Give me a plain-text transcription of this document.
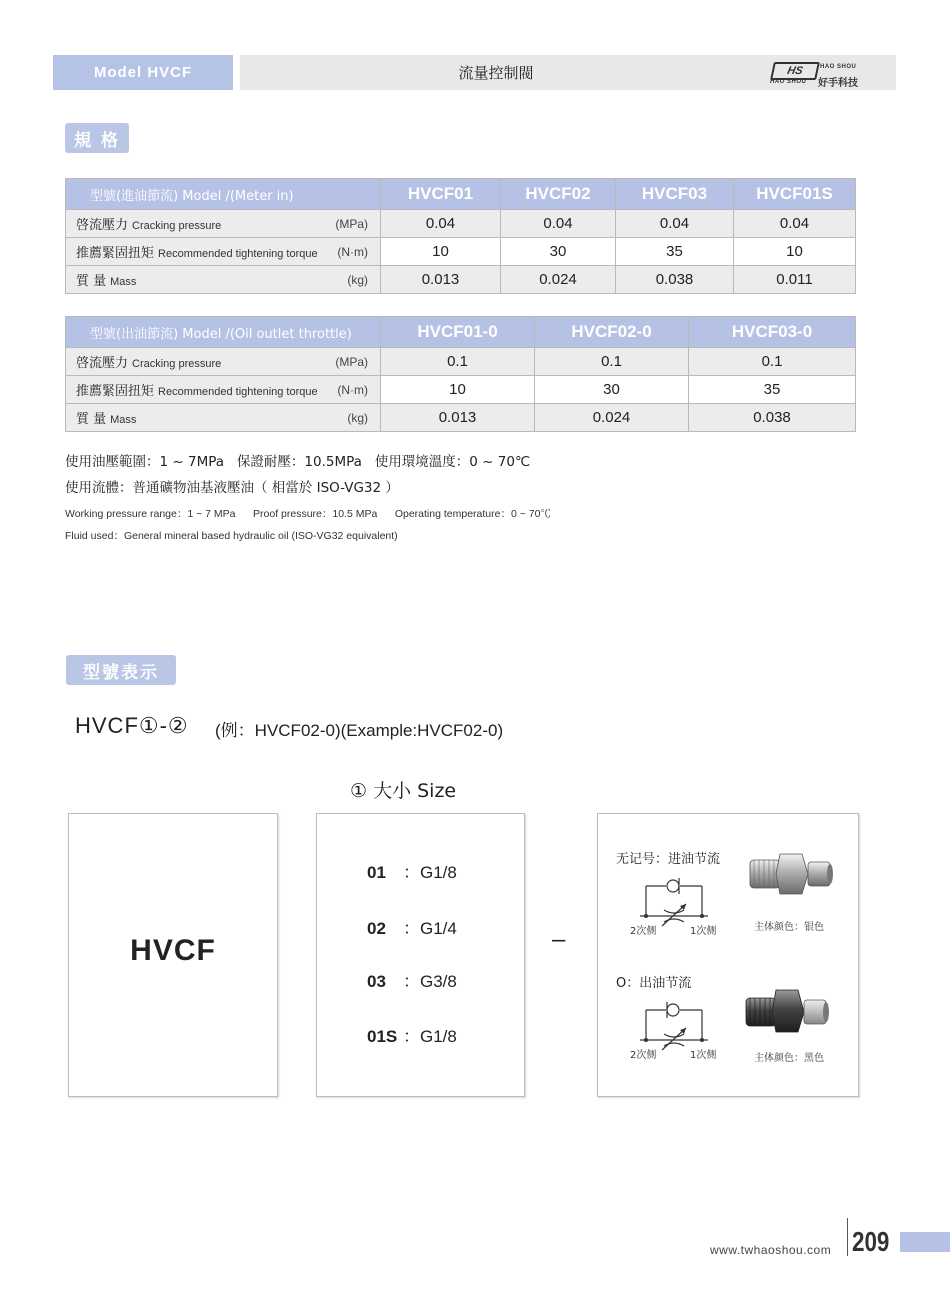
Model HVCF	流量控制閥	HS
HAO SHOU
HAO SHOU
好手科技
規 格
型號(進油節流) Model /(Meter in)	HVCF01	HVCF02	HVCF03	HVCF01S

啓流壓力 Cracking pressure (MPa)	0.04	0.04	0.04	0.04

推薦緊固扭矩 Recommended tightening torque (N·m)	10	30	35	10

質 量 Mass (kg)	0.013	0.024	0.038	0.011
型號(出油節流) Model /(Oil outlet throttle)	HVCF01-0	HVCF02-0	HVCF03-0

啓流壓力 Cracking pressure (MPa)	0.1	0.1	0.1

推薦緊固扭矩 Recommended tightening torque (N·m)	10	30	35

質 量 Mass (kg)	0.013	0.024	0.038
使用油壓範圍：1 ~ 7MPa   保證耐壓：10.5MPa   使用環境溫度：0 ~ 70℃
使用流體：普通礦物油基液壓油（ 相當於 ISO-VG32 ）
Working pressure range：1 ~ 7 MPa      Proof pressure：10.5 MPa      Operating temperature：0 ~ 70℃
Fluid used：General mineral based hydraulic oil (ISO-VG32 equivalent)
型號表示
HVCF①-② (例：HVCF02-0)(Example:HVCF02-0)
① 大小 Size
HVCF
01 ：G1/8
02 ：G1/4
03 ：G3/8
01S ：G1/8
–
无记号：进油节流
2次侧	1次侧	主体颜色：银色
O：出油节流
2次侧	1次侧	主体颜色：黑色
www.twhaoshou.com 209
